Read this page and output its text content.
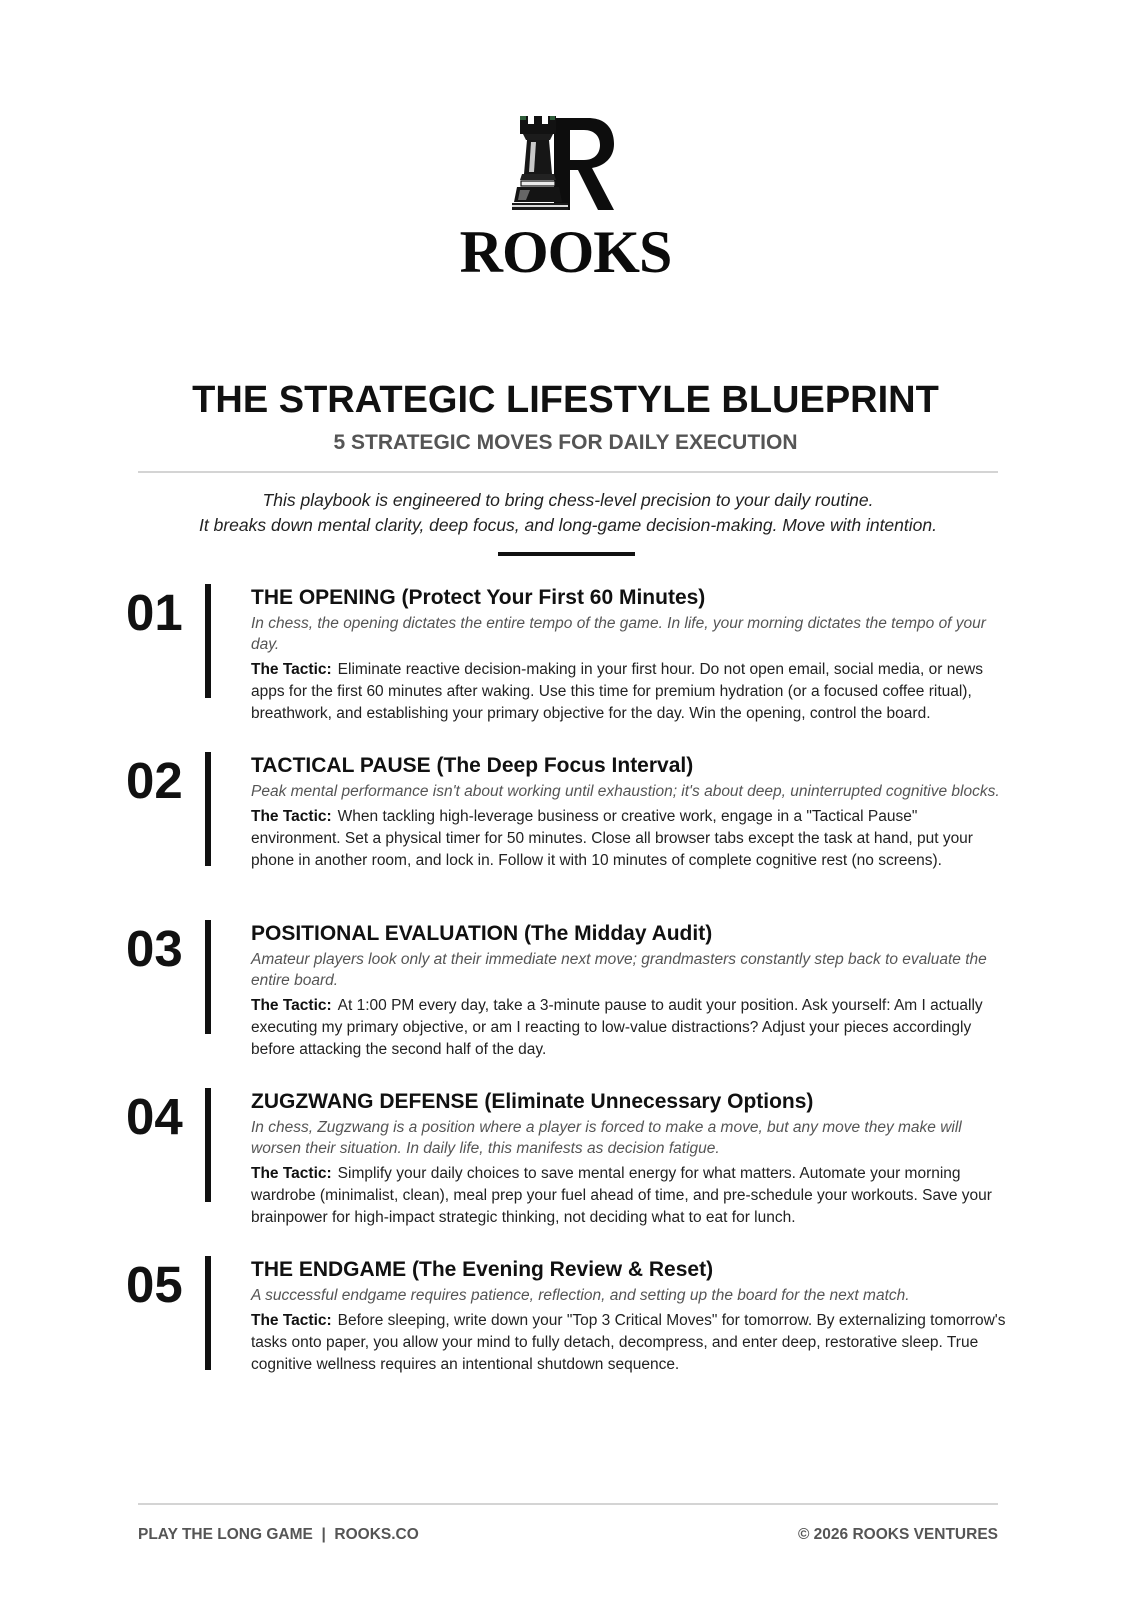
ROOKS
THE STRATEGIC LIFESTYLE BLUEPRINT
5 STRATEGIC MOVES FOR DAILY EXECUTION
This playbook is engineered to bring chess-level precision to your daily routine.
It breaks down mental clarity, deep focus, and long-game decision-making. Move with intention.
01	THE OPENING (Protect Your First 60 Minutes)

In chess, the opening dictates the entire tempo of the game. In life, your morning dictates the tempo of your day.

The Tactic: Eliminate reactive decision-making in your first hour. Do not open email, social media, or news apps for the first 60 minutes after waking. Use this time for premium hydration (or a focused coffee ritual), breathwork, and establishing your primary objective for the day. Win the opening, control the board.

02	TACTICAL PAUSE (The Deep Focus Interval)

Peak mental performance isn't about working until exhaustion; it's about deep, uninterrupted cognitive blocks.

The Tactic: When tackling high-leverage business or creative work, engage in a "Tactical Pause" environment. Set a physical timer for 50 minutes. Close all browser tabs except the task at hand, put your phone in another room, and lock in. Follow it with 10 minutes of complete cognitive rest (no screens).

03	POSITIONAL EVALUATION (The Midday Audit)

Amateur players look only at their immediate next move; grandmasters constantly step back to evaluate the entire board.

The Tactic: At 1:00 PM every day, take a 3-minute pause to audit your position. Ask yourself: Am I actually executing my primary objective, or am I reacting to low-value distractions? Adjust your pieces accordingly before attacking the second half of the day.

04	ZUGZWANG DEFENSE (Eliminate Unnecessary Options)

In chess, Zugzwang is a position where a player is forced to make a move, but any move they make will worsen their situation. In daily life, this manifests as decision fatigue.

The Tactic: Simplify your daily choices to save mental energy for what matters. Automate your morning wardrobe (minimalist, clean), meal prep your fuel ahead of time, and pre-schedule your workouts. Save your brainpower for high-impact strategic thinking, not deciding what to eat for lunch.

05	THE ENDGAME (The Evening Review & Reset)

A successful endgame requires patience, reflection, and setting up the board for the next match.

The Tactic: Before sleeping, write down your "Top 3 Critical Moves" for tomorrow. By externalizing tomorrow's tasks onto paper, you allow your mind to fully detach, decompress, and enter deep, restorative sleep. True cognitive wellness requires an intentional shutdown sequence.

PLAY THE LONG GAME  |  ROOKS.CO	© 2026 ROOKS VENTURES
